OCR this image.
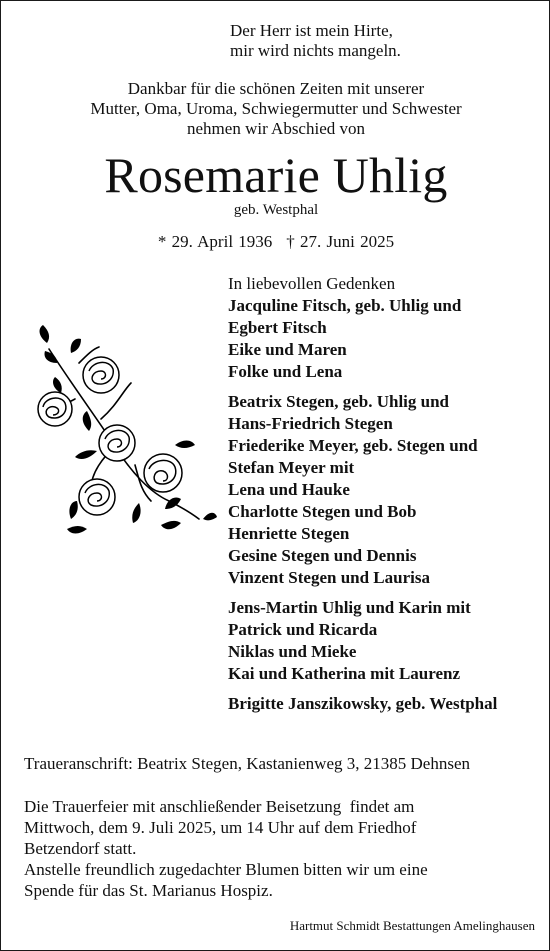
Der Herr ist mein Hirte,
mir wird nichts mangeln.
Dankbar für die schönen Zeiten mit unserer
Mutter, Oma, Uroma, Schwiegermutter und Schwester
nehmen wir Abschied von
Rosemarie Uhlig
geb. Westphal
* 29. April 1936 † 27. Juni 2025
In liebevollen Gedenken
Jacquline Fitsch, geb. Uhlig und
Egbert Fitsch
Eike und Maren
Folke und Lena
Beatrix Stegen, geb. Uhlig und
Hans-Friedrich Stegen
Friederike Meyer, geb. Stegen und
Stefan Meyer mit
Lena und Hauke
Charlotte Stegen und Bob
Henriette Stegen
Gesine Stegen und Dennis
Vinzent Stegen und Laurisa
Jens-Martin Uhlig und Karin mit
Patrick und Ricarda
Niklas und Mieke
Kai und Katherina mit Laurenz
Brigitte Janszikowsky, geb. Westphal
Traueranschrift: Beatrix Stegen, Kastanienweg 3, 21385 Dehnsen
Die Trauerfeier mit anschließender Beisetzung  findet am
Mittwoch, dem 9. Juli 2025, um 14 Uhr auf dem Friedhof
Betzendorf statt.
Anstelle freundlich zugedachter Blumen bitten wir um eine
Spende für das St. Marianus Hospiz.
Hartmut Schmidt Bestattungen Amelinghausen
